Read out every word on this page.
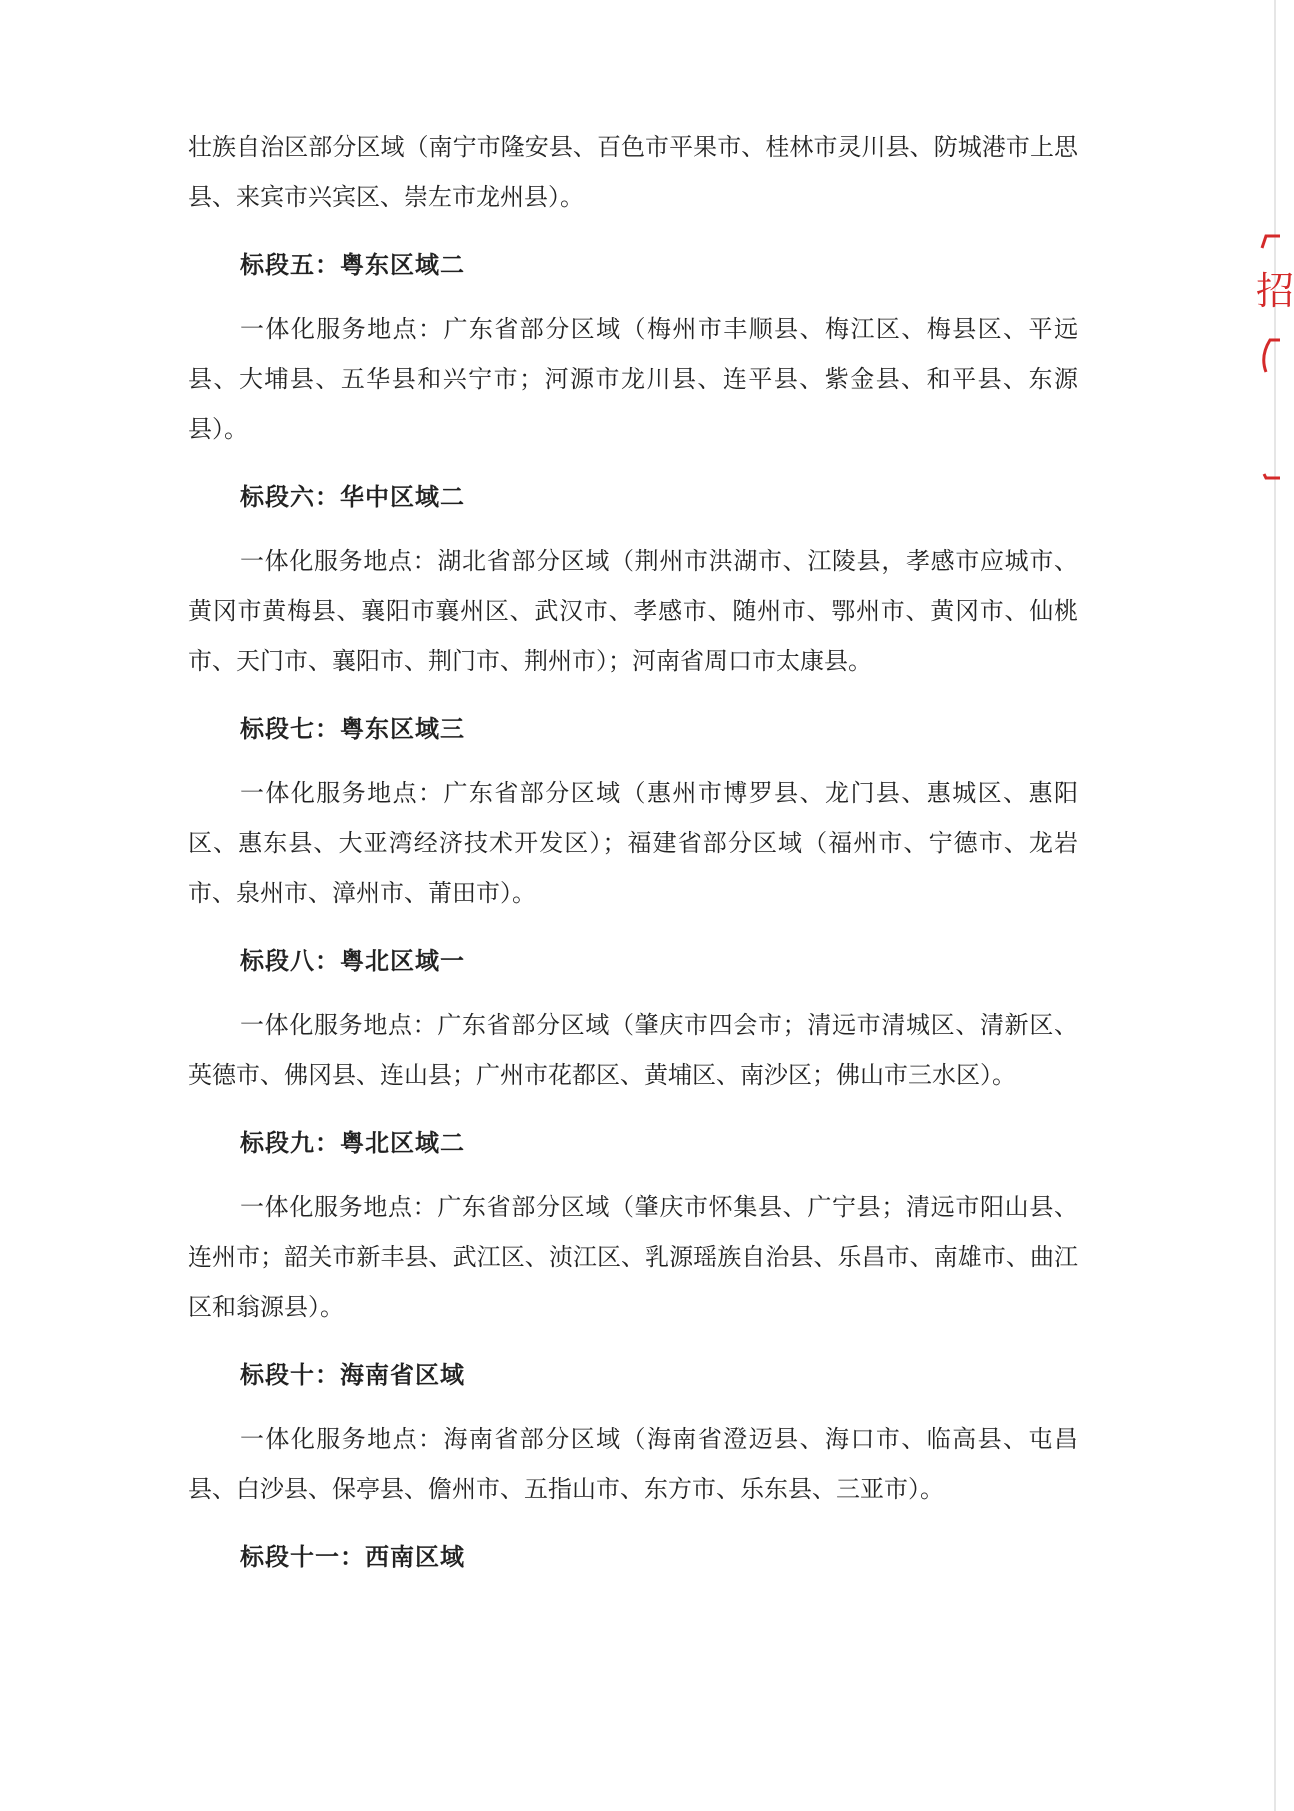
壮族自治区部分区域（南宁市隆安县、百色市平果市、桂林市灵川县、防城港市上思县、来宾市兴宾区、崇左市龙州县）。

标段五：粤东区域二

一体化服务地点：广东省部分区域（梅州市丰顺县、梅江区、梅县区、平远县、大埔县、五华县和兴宁市；河源市龙川县、连平县、紫金县、和平县、东源县）。

标段六：华中区域二

一体化服务地点：湖北省部分区域（荆州市洪湖市、江陵县，孝感市应城市、黄冈市黄梅县、襄阳市襄州区、武汉市、孝感市、随州市、鄂州市、黄冈市、仙桃市、天门市、襄阳市、荆门市、荆州市）；河南省周口市太康县。

标段七：粤东区域三

一体化服务地点：广东省部分区域（惠州市博罗县、龙门县、惠城区、惠阳区、惠东县、大亚湾经济技术开发区）；福建省部分区域（福州市、宁德市、龙岩市、泉州市、漳州市、莆田市）。

标段八：粤北区域一

一体化服务地点：广东省部分区域（肇庆市四会市；清远市清城区、清新区、英德市、佛冈县、连山县；广州市花都区、黄埔区、南沙区；佛山市三水区）。

标段九：粤北区域二

一体化服务地点：广东省部分区域（肇庆市怀集县、广宁县；清远市阳山县、连州市；韶关市新丰县、武江区、浈江区、乳源瑶族自治县、乐昌市、南雄市、曲江区和翁源县）。

标段十：海南省区域

一体化服务地点：海南省部分区域（海南省澄迈县、海口市、临高县、屯昌县、白沙县、保亭县、儋州市、五指山市、东方市、乐东县、三亚市）。

标段十一：西南区域
招
